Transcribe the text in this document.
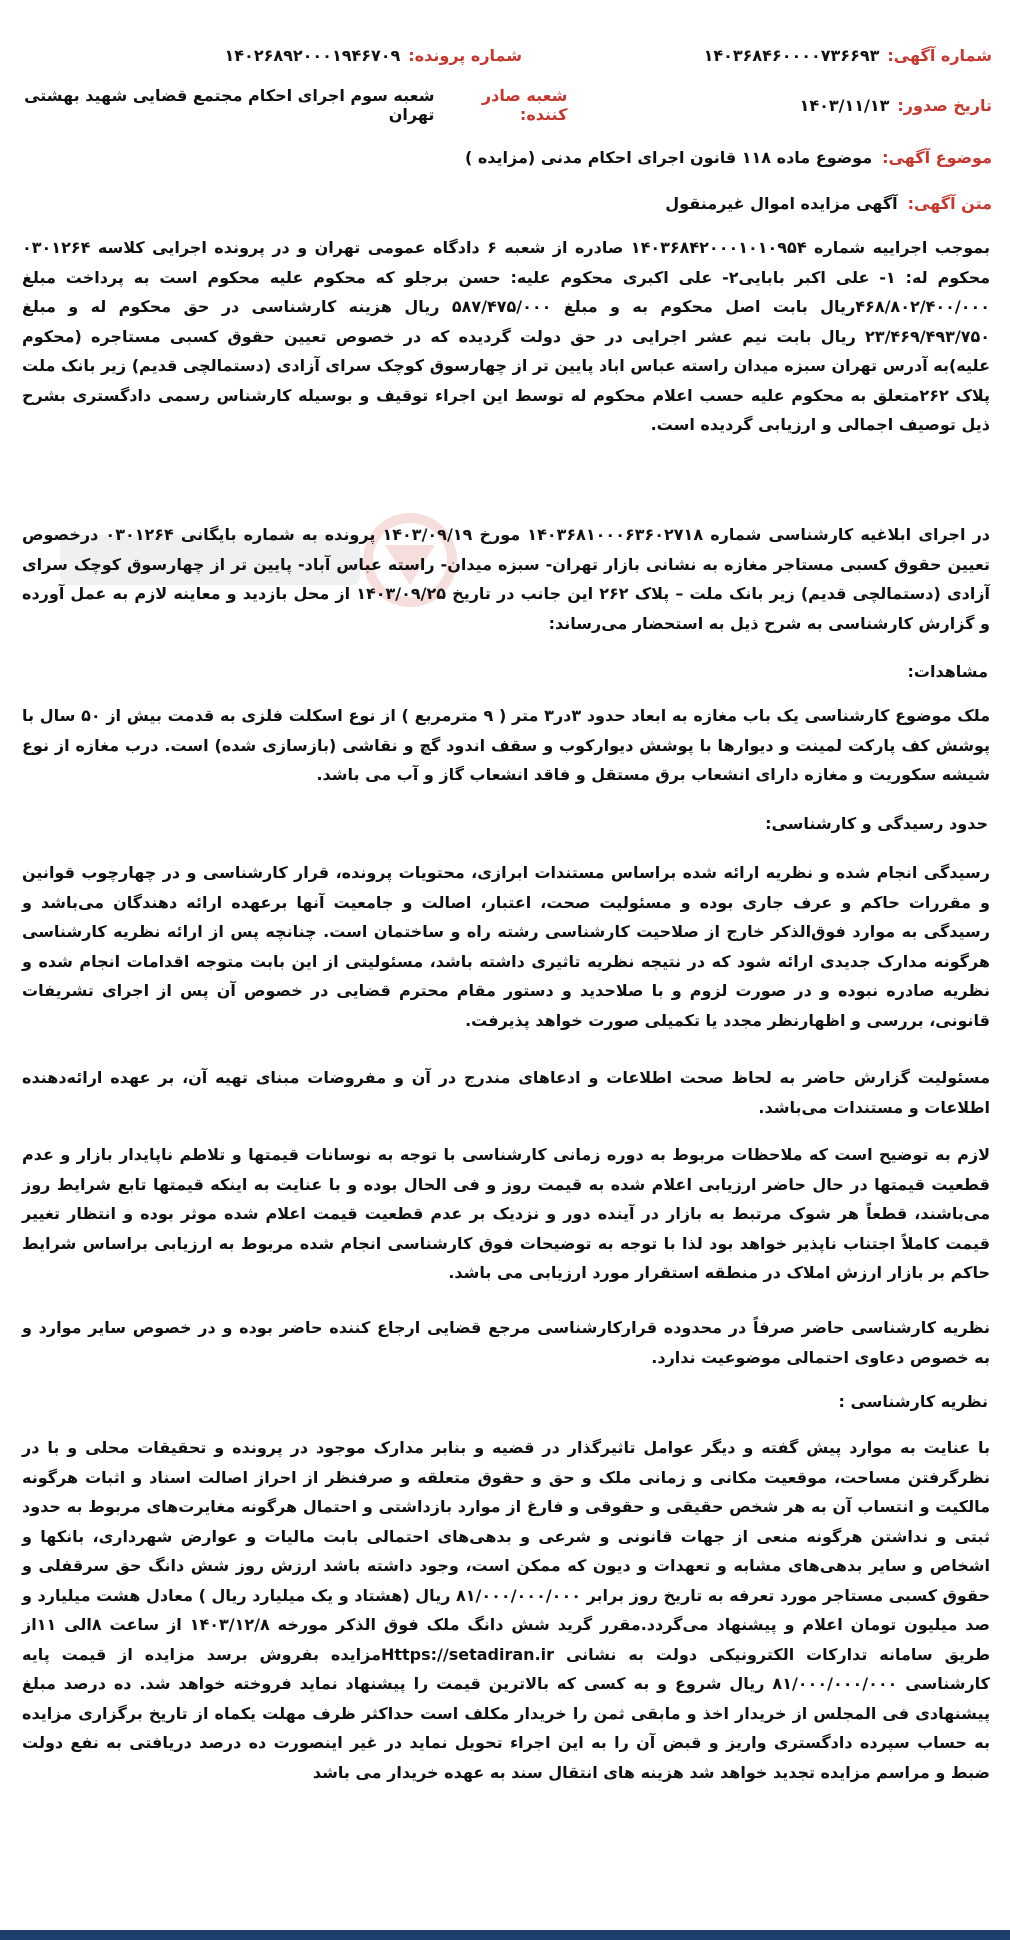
شماره آگهی:
۱۴۰۳۶۸۴۶۰۰۰۰۷۳۶۶۹۳
شماره پرونده:
۱۴۰۲۶۸۹۲۰۰۰۱۹۴۶۷۰۹
تاریخ صدور:
۱۴۰۳/۱۱/۱۳
شعبه صادر کننده:
شعبه سوم اجرای احکام مجتمع قضایی شهید بهشتی تهران
موضوع آگهی:
موضوع ماده ۱۱۸ قانون اجرای احکام مدنی (مزایده )
متن آگهی:
آگهی مزایده اموال غیرمنقول

بموجب اجراییه شماره ۱۴۰۳۶۸۴۲۰۰۰۱۰۱۰۹۵۴ صادره از شعبه ۶ دادگاه عمومی تهران و در پرونده اجرایی کلاسه ۰۳۰۱۲۶۴ محکوم له: ۱- علی اکبر بابایی۲- علی اکبری محکوم علیه: حسن برجلو که محکوم علیه محکوم است به پرداخت مبلغ ۴۶۸/۸۰۲/۴۰۰/۰۰۰ریال بابت اصل محکوم به و مبلغ ۵۸۷/۴۷۵/۰۰۰ ریال هزینه کارشناسی در حق محکوم له و مبلغ ۲۳/۴۶۹/۴۹۳/۷۵۰ ریال بابت نیم عشر اجرایی در حق دولت گردیده که در خصوص تعیین حقوق کسبی مستاجره (محکوم علیه)به آدرس تهران سبزه میدان راسته عباس اباد پایین تر از چهارسوق کوچک سرای آزادی (دستمالچی قدیم) زیر بانک ملت پلاک ۲۶۲متعلق به محکوم علیه حسب اعلام محکوم له توسط این اجراء توقیف و بوسیله کارشناس رسمی دادگستری بشرح ذیل توصیف اجمالی و ارزیابی گردیده است.

در اجرای ابلاغیه کارشناسی شماره ۱۴۰۳۶۸۱۰۰۰۶۳۶۰۲۷۱۸ مورخ ۱۴۰۳/۰۹/۱۹ پرونده به شماره بایگانی ۰۳۰۱۲۶۴ درخصوص تعیین حقوق کسبی مستاجر مغازه به نشانی بازار تهران- سبزه میدان- راسته عباس آباد- پایین تر از چهارسوق کوچک سرای آزادی (دستمالچی قدیم) زیر بانک ملت – پلاک ۲۶۲ این جانب در تاریخ ۱۴۰۳/۰۹/۲۵ از محل بازدید و معاینه لازم به عمل آورده و گزارش کارشناسی به شرح ذیل به استحضار می‌رساند:

مشاهدات:

ملک موضوع کارشناسی یک باب مغازه به ابعاد حدود ۳در۳ متر ( ۹ مترمربع ) از نوع اسکلت فلزی به قدمت بیش از ۵۰ سال با پوشش کف پارکت لمینت و دیوارها با پوشش دیوارکوب و سقف اندود گچ و نقاشی (بازسازی شده) است. درب مغازه از نوع شیشه سکوریت و مغازه دارای انشعاب برق مستقل و فاقد انشعاب گاز و آب می باشد.

حدود رسیدگی و کارشناسی:

رسیدگی انجام شده و نظریه ارائه شده براساس مستندات ابرازی، محتویات پرونده، قرار کارشناسی و در چهارچوب قوانین و مقررات حاکم و عرف جاری بوده و مسئولیت صحت، اعتبار، اصالت و جامعیت آنها برعهده ارائه دهندگان می‌باشد و رسیدگی به موارد فوق‌الذکر خارج از صلاحیت کارشناسی رشته راه و ساختمان است. چنانچه پس از ارائه نظریه کارشناسی هرگونه مدارک جدیدی ارائه شود که در نتیجه نظریه تاثیری داشته باشد، مسئولیتی از این بابت متوجه اقدامات انجام شده و نظریه صادره نبوده و در صورت لزوم و با صلاحدید و دستور مقام محترم قضایی در خصوص آن پس از اجرای تشریفات قانونی، بررسی و اظهارنظر مجدد یا تکمیلی صورت خواهد پذیرفت.

مسئولیت گزارش حاضر به لحاظ صحت اطلاعات و ادعاهای مندرج در آن و مفروضات مبنای تهیه آن، بر عهده ارائه‌دهنده اطلاعات و مستندات می‌باشد.

لازم به توضیح است که ملاحظات مربوط به دوره زمانی کارشناسی با توجه به نوسانات قیمتها و تلاطم ناپایدار بازار و عدم قطعیت قیمتها در حال حاضر ارزیابی اعلام شده به قیمت روز و فی الحال بوده و با عنایت به اینکه قیمتها تابع شرایط روز می‌باشند، قطعاً هر شوک مرتبط به بازار در آینده دور و نزدیک بر عدم قطعیت قیمت اعلام شده موثر بوده و انتظار تغییر قیمت کاملاً اجتناب ناپذیر خواهد بود لذا با توجه به توضیحات فوق کارشناسی انجام شده مربوط به ارزیابی براساس شرایط حاکم بر بازار ارزش املاک در منطقه استقرار مورد ارزیابی می باشد.

نظریه کارشناسی حاضر صرفاً در محدوده قرارکارشناسی مرجع قضایی ارجاع کننده حاضر بوده و در خصوص سایر موارد و به خصوص دعاوی احتمالی موضوعیت ندارد.

نظریه کارشناسی :

با عنایت به موارد پیش گفته و دیگر عوامل تاثیرگذار در قضیه و بنابر مدارک موجود در پرونده و تحقیقات محلی و با در نظرگرفتن مساحت، موقعیت مکانی و زمانی ملک و حق و حقوق متعلقه و صرفنظر از احراز اصالت اسناد و اثبات هرگونه مالکیت و انتساب آن به هر شخص حقیقی و حقوقی و فارغ از موارد بازداشتی و احتمال هرگونه مغایرت‌های مربوط به حدود ثبتی و نداشتن هرگونه منعی از جهات قانونی و شرعی و بدهی‌های احتمالی بابت مالیات و عوارض شهرداری، بانکها و اشخاص و سایر بدهی‌های مشابه و تعهدات و دیون که ممکن است، وجود داشته باشد ارزش روز شش دانگ حق سرقفلی و حقوق کسبی مستاجر مورد تعرفه به تاریخ روز برابر ۸۱/۰۰۰/۰۰۰/۰۰۰ ریال (هشتاد و یک میلیارد ریال ) معادل هشت میلیارد و صد میلیون تومان اعلام و پیشنهاد می‌گردد.مقرر گرید شش دانگ ملک فوق الذکر مورخه ۱۴۰۳/۱۲/۸ از ساعت ۸الی ۱۱از طریق سامانه تدارکات الکترونیکی دولت به نشانی Https://setadiran.irمزایده بفروش برسد مزایده از قیمت پایه کارشناسی ۸۱/۰۰۰/۰۰۰/۰۰۰ ریال شروع و به کسی که بالاترین قیمت را پیشنهاد نماید فروخته خواهد شد. ده درصد مبلغ پیشنهادی فی المجلس از خریدار اخذ و مابقی ثمن را خریدار مکلف است حداکثر ظرف مهلت یکماه از تاریخ برگزاری مزایده به حساب سپرده دادگستری واریز و قبض آن را به این اجراء تحویل نماید در غیر اینصورت ده درصد دریافتی به نفع دولت ضبط و مراسم مزایده تجدید خواهد شد هزینه های انتقال سند به عهده خریدار می باشد
